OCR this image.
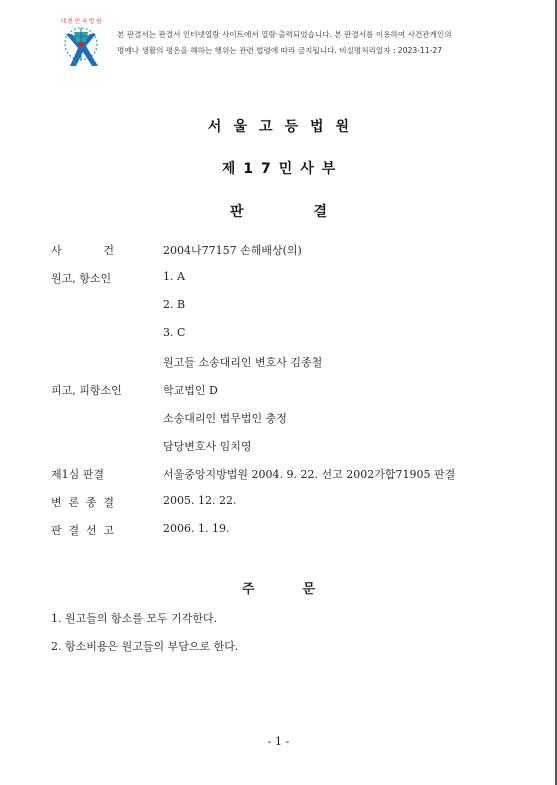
대 한 민 국 법 원
본 판결서는 판결서 인터넷열람 사이트에서 열람·출력되었습니다. 본 판결서를 이용하여 사건관계인의
명예나 생활의 평온을 해하는 행위는 관련 법령에 따라 금지됩니다. 비실명처리일자 : 2023-11-27
서울고등법원
제17민사부
판	결
사	건	2004나77157 손해배상(의)
원고, 항소인	1. A
2. B
3. C
원고들 소송대리인 변호사 김종철
피고, 피항소인	학교법인 D
소송대리인 법무법인 충정
담당변호사 임치영
제1심 판결	서울중앙지방법원 2004. 9. 22. 선고 2002가합71905 판결
변 론 종 결	2005. 12. 22.
판 결 선 고	2006. 1. 19.
주	문
1. 원고들의 항소를 모두 기각한다.
2. 항소비용은 원고들의 부담으로 한다.
- 1 -
